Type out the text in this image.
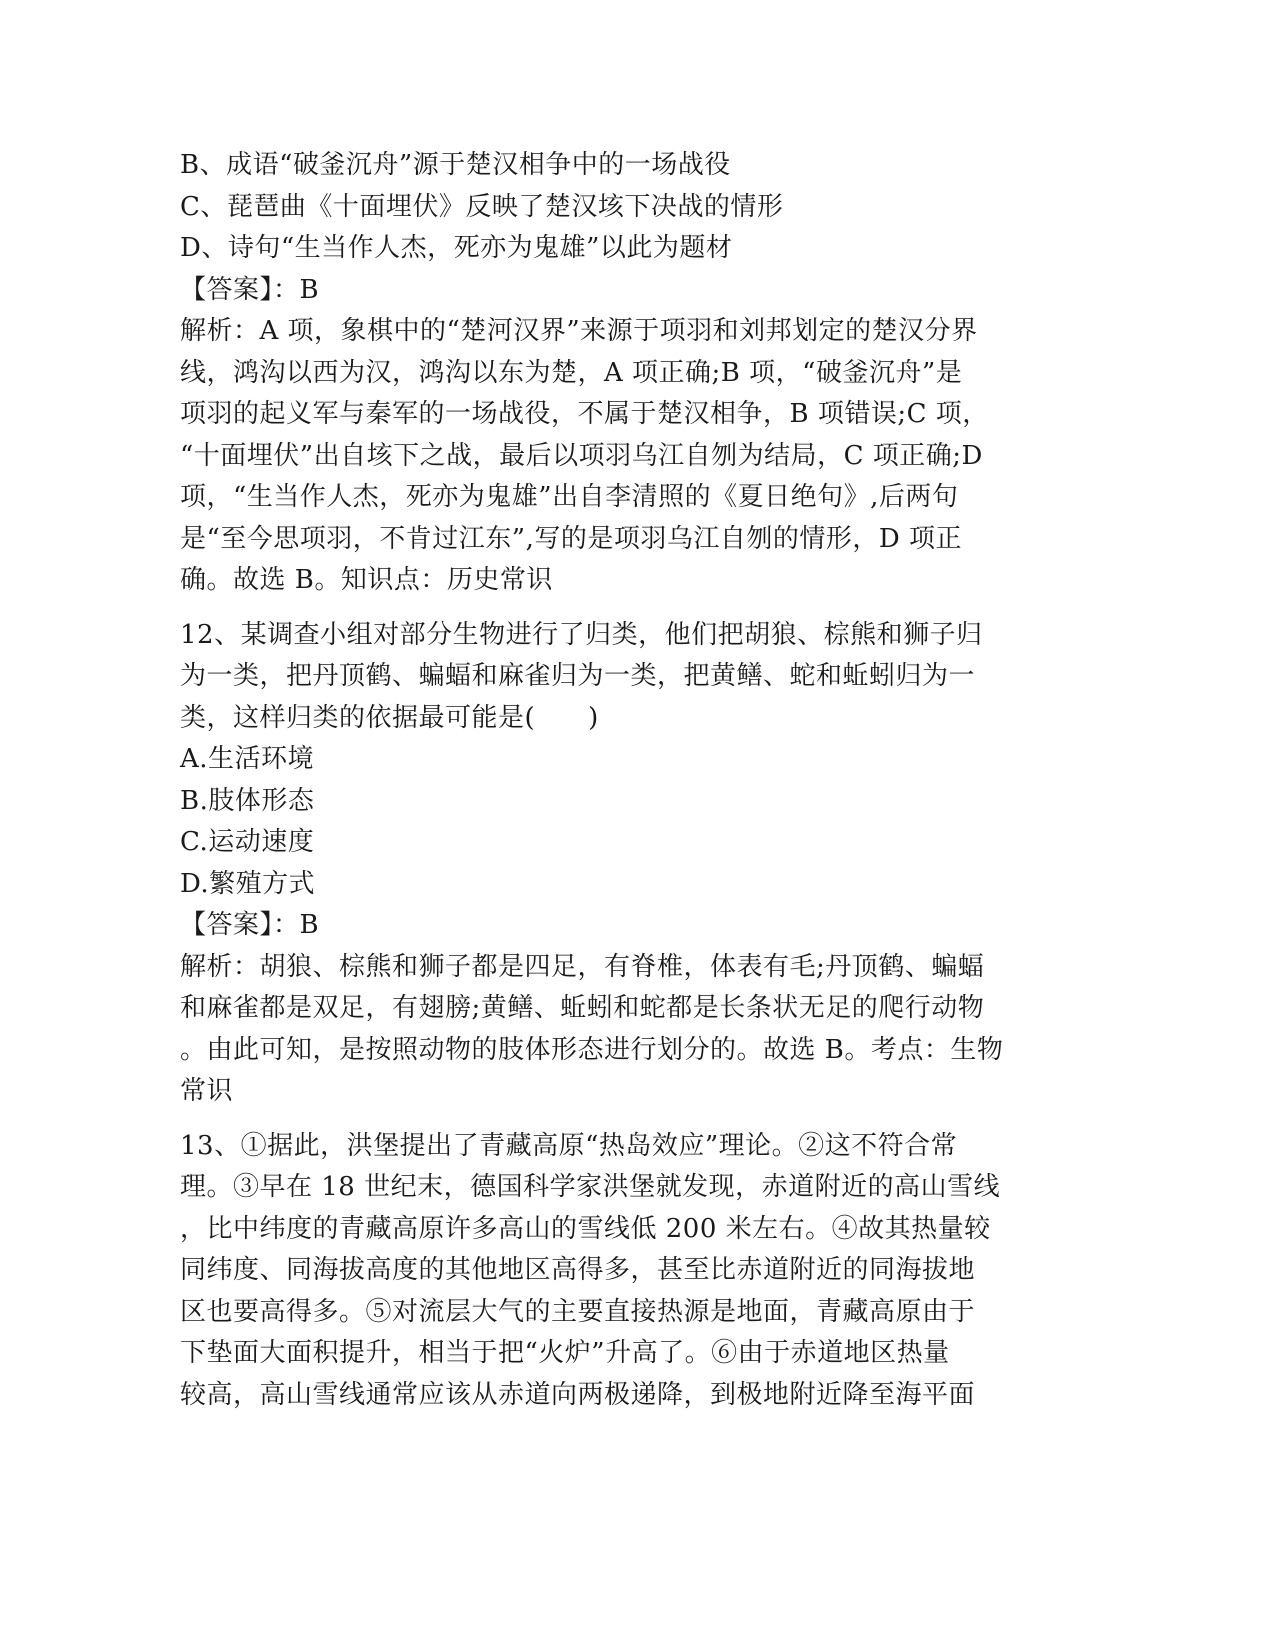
B、成语“破釜沉舟”源于楚汉相争中的一场战役
C、琵琶曲《十面埋伏》反映了楚汉垓下决战的情形
D、诗句“生当作人杰，死亦为鬼雄”以此为题材
【答案】：B
解析：A 项，象棋中的“楚河汉界”来源于项羽和刘邦划定的楚汉分界
线，鸿沟以西为汉，鸿沟以东为楚，A 项正确;B 项，“破釜沉舟”是
项羽的起义军与秦军的一场战役，不属于楚汉相争，B 项错误;C 项，
“十面埋伏”出自垓下之战，最后以项羽乌江自刎为结局，C 项正确;D
项，“生当作人杰，死亦为鬼雄”出自李清照的《夏日绝句》,后两句
是“至今思项羽，不肯过江东”,写的是项羽乌江自刎的情形，D 项正
确。故选 B。知识点：历史常识
12、某调查小组对部分生物进行了归类，他们把胡狼、棕熊和狮子归
为一类，把丹顶鹤、蝙蝠和麻雀归为一类，把黄鳝、蛇和蚯蚓归为一
类，这样归类的依据最可能是(　　)
A.生活环境
B.肢体形态
C.运动速度
D.繁殖方式
【答案】：B
解析：胡狼、棕熊和狮子都是四足，有脊椎，体表有毛;丹顶鹤、蝙蝠
和麻雀都是双足，有翅膀;黄鳝、蚯蚓和蛇都是长条状无足的爬行动物
。由此可知，是按照动物的肢体形态进行划分的。故选 B。考点：生物
常识
13、①据此，洪堡提出了青藏高原“热岛效应”理论。②这不符合常
理。③早在 18 世纪末，德国科学家洪堡就发现，赤道附近的高山雪线
，比中纬度的青藏高原许多高山的雪线低 200 米左右。④故其热量较
同纬度、同海拔高度的其他地区高得多，甚至比赤道附近的同海拔地
区也要高得多。⑤对流层大气的主要直接热源是地面，青藏高原由于
下垫面大面积提升，相当于把“火炉”升高了。⑥由于赤道地区热量
较高，高山雪线通常应该从赤道向两极递降，到极地附近降至海平面
